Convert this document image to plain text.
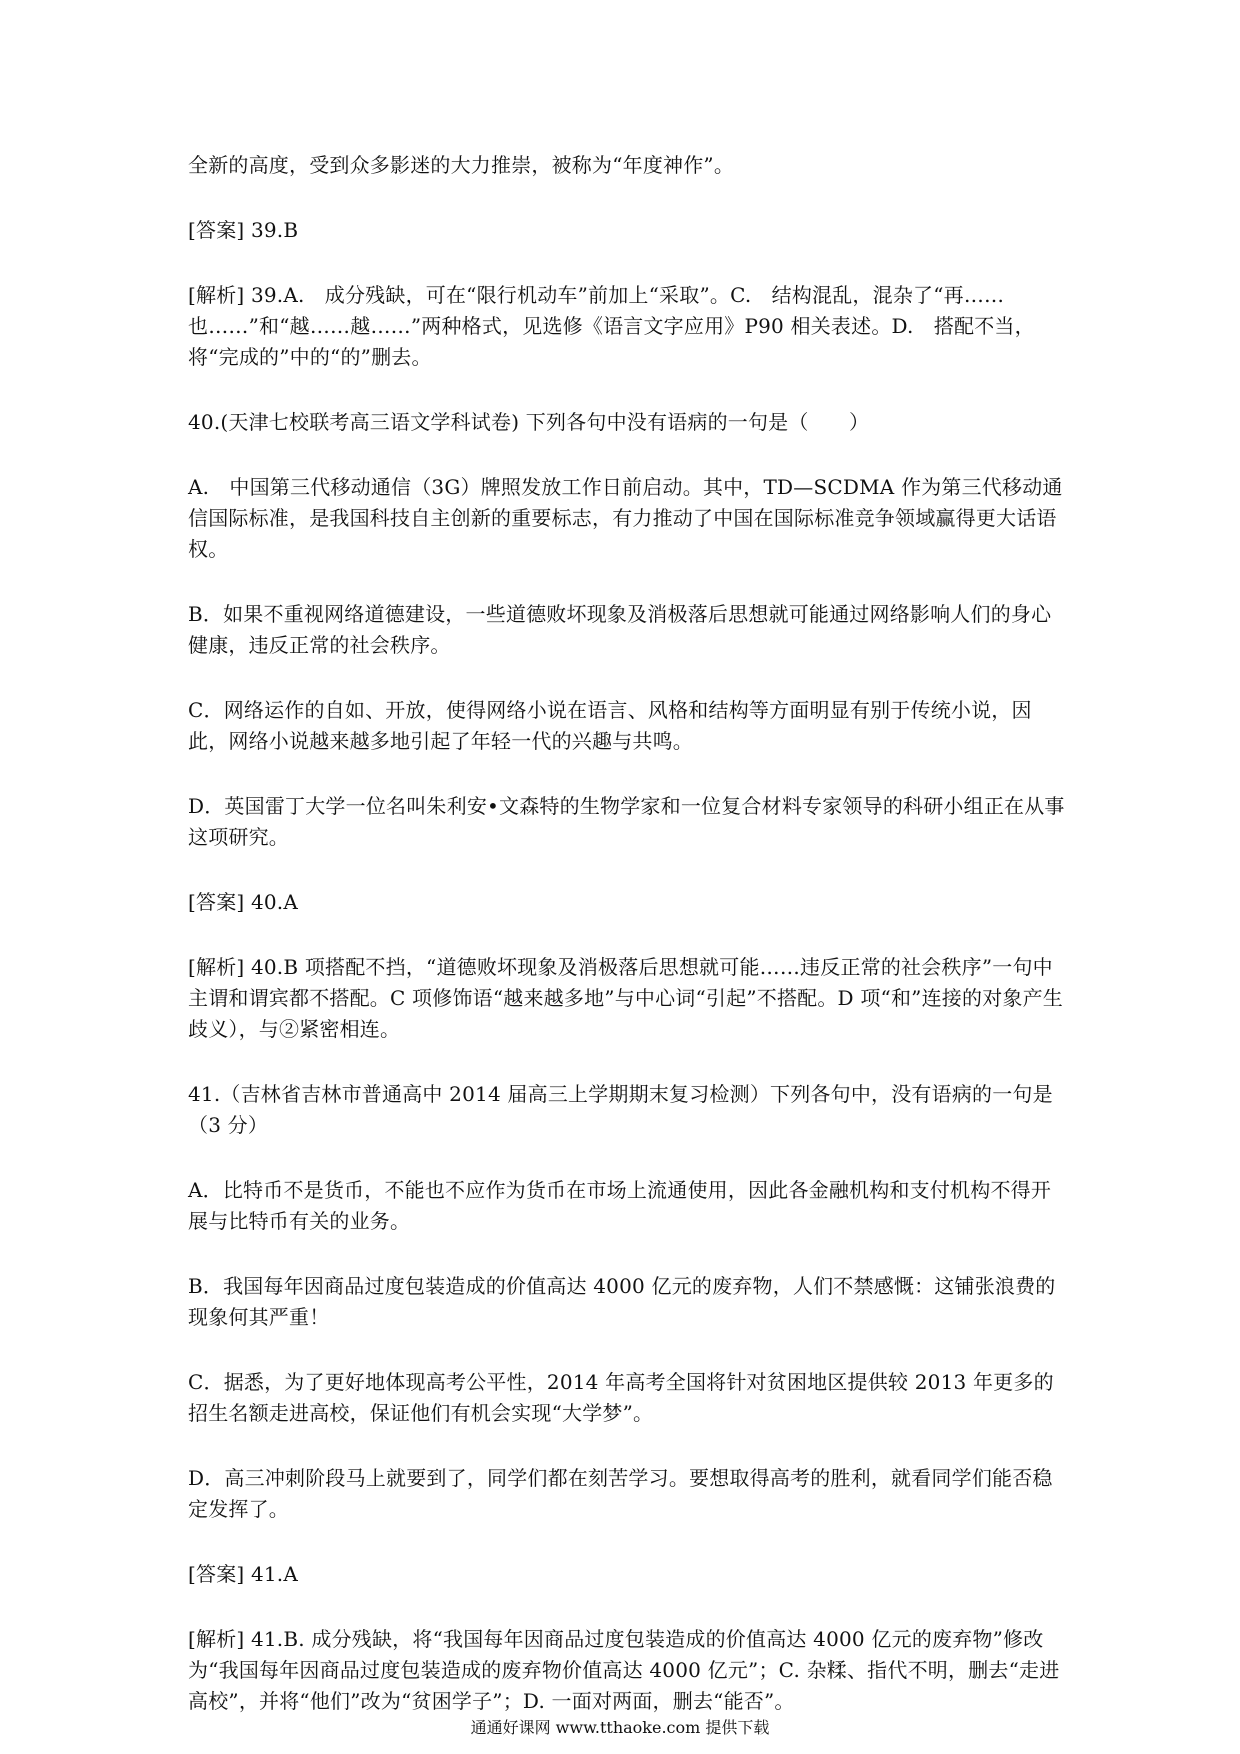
全新的高度，受到众多影迷的大力推崇，被称为“年度神作”。

[答案] 39.B

[解析] 39.A.　成分残缺，可在“限行机动车”前加上“采取”。C.　结构混乱，混杂了“再……也……”和“越……越……”两种格式，见选修《语言文字应用》P90 相关表述。D.　搭配不当，将“完成的”中的“的”删去。

40.(天津七校联考高三语文学科试卷) 下列各句中没有语病的一句是（　　）

A.　中国第三代移动通信（3G）牌照发放工作日前启动。其中，TD—SCDMA 作为第三代移动通信国际标准，是我国科技自主创新的重要标志，有力推动了中国在国际标准竞争领域赢得更大话语权。

B．如果不重视网络道德建设，一些道德败坏现象及消极落后思想就可能通过网络影响人们的身心健康，违反正常的社会秩序。

C．网络运作的自如、开放，使得网络小说在语言、风格和结构等方面明显有别于传统小说，因此，网络小说越来越多地引起了年轻一代的兴趣与共鸣。

D．英国雷丁大学一位名叫朱利安•文森特的生物学家和一位复合材料专家领导的科研小组正在从事这项研究。

[答案] 40.A

[解析] 40.B 项搭配不挡，“道德败坏现象及消极落后思想就可能……违反正常的社会秩序”一句中主谓和谓宾都不搭配。C 项修饰语“越来越多地”与中心词“引起”不搭配。D 项“和”连接的对象产生歧义），与②紧密相连。

41.（吉林省吉林市普通高中 2014 届高三上学期期末复习检测）下列各句中，没有语病的一句是（3 分）

A．比特币不是货币，不能也不应作为货币在市场上流通使用，因此各金融机构和支付机构不得开展与比特币有关的业务。

B．我国每年因商品过度包装造成的价值高达 4000 亿元的废弃物，人们不禁感慨：这铺张浪费的现象何其严重！

C．据悉，为了更好地体现高考公平性，2014 年高考全国将针对贫困地区提供较 2013 年更多的招生名额走进高校，保证他们有机会实现“大学梦”。

D．高三冲刺阶段马上就要到了，同学们都在刻苦学习。要想取得高考的胜利，就看同学们能否稳定发挥了。

[答案] 41.A

[解析] 41.B. 成分残缺，将“我国每年因商品过度包装造成的价值高达 4000 亿元的废弃物”修改为“我国每年因商品过度包装造成的废弃物价值高达 4000 亿元”；C. 杂糅、指代不明，删去“走进高校”，并将“他们”改为“贫困学子”；D. 一面对两面，删去“能否”。

通通好课网 www.tthaoke.com 提供下载
